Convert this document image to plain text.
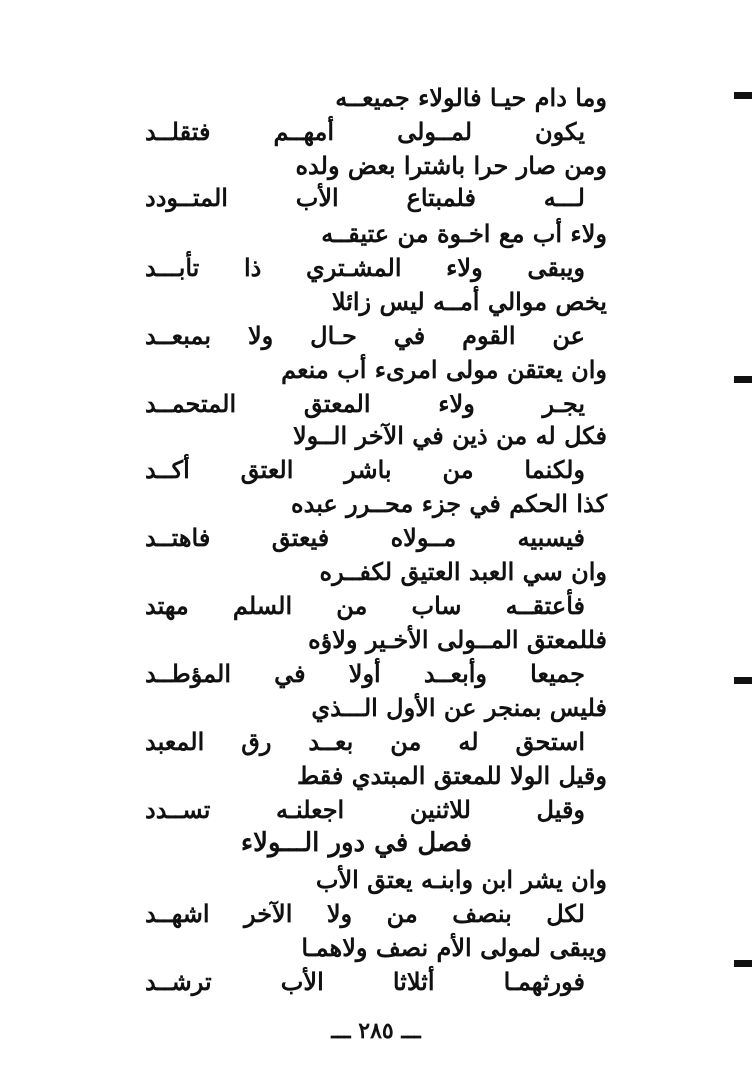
وما دام حيـا فالولاء جميعــه
يكون لمــولى أمهــم فتقلــد
ومن صار حرا باشترا بعض ولده
لـــه فلمبتاع الأب المتــودد
ولاء أب مع اخـوة من عتيقــه
ويبقى ولاء المشـتري ذا تأبـــد
يخص موالي أمــه ليس زائلا
عن القوم في حـال ولا بمبعــد
وان يعتقن مولى امرىء أب منعم
يجـر ولاء المعتق المتحمــد
فكل له من ذين في الآخر الــولا
ولكنما من باشر العتق أكــد
كذا الحكم في جزء محــرر عبده
فيسبيه مــولاه فيعتق فاهتــد
وان سي العبد العتيق لكفــره
فأعتقــه ساب من السلم مهتد
فللمعتق المــولى الأخـير ولاؤه
جميعا وأبعــد أولا في المؤطــد
فليس بمنجر عن الأول الـــذي
استحق له من بعــد رق المعبد
وقيل الولا للمعتق المبتدي فقط
وقيل للاثنين اجعلنـه تســدد
فصل في دور الـــولاء
وان يشر ابن وابنـه يعتق الأب
لكل بنصف من ولا الآخر اشهــد
ويبقى لمولى الأم نصف ولاهمـا
فورثهمـا أثلاثا الأب ترشــد
ـــ ٢٨٥ ـــ
